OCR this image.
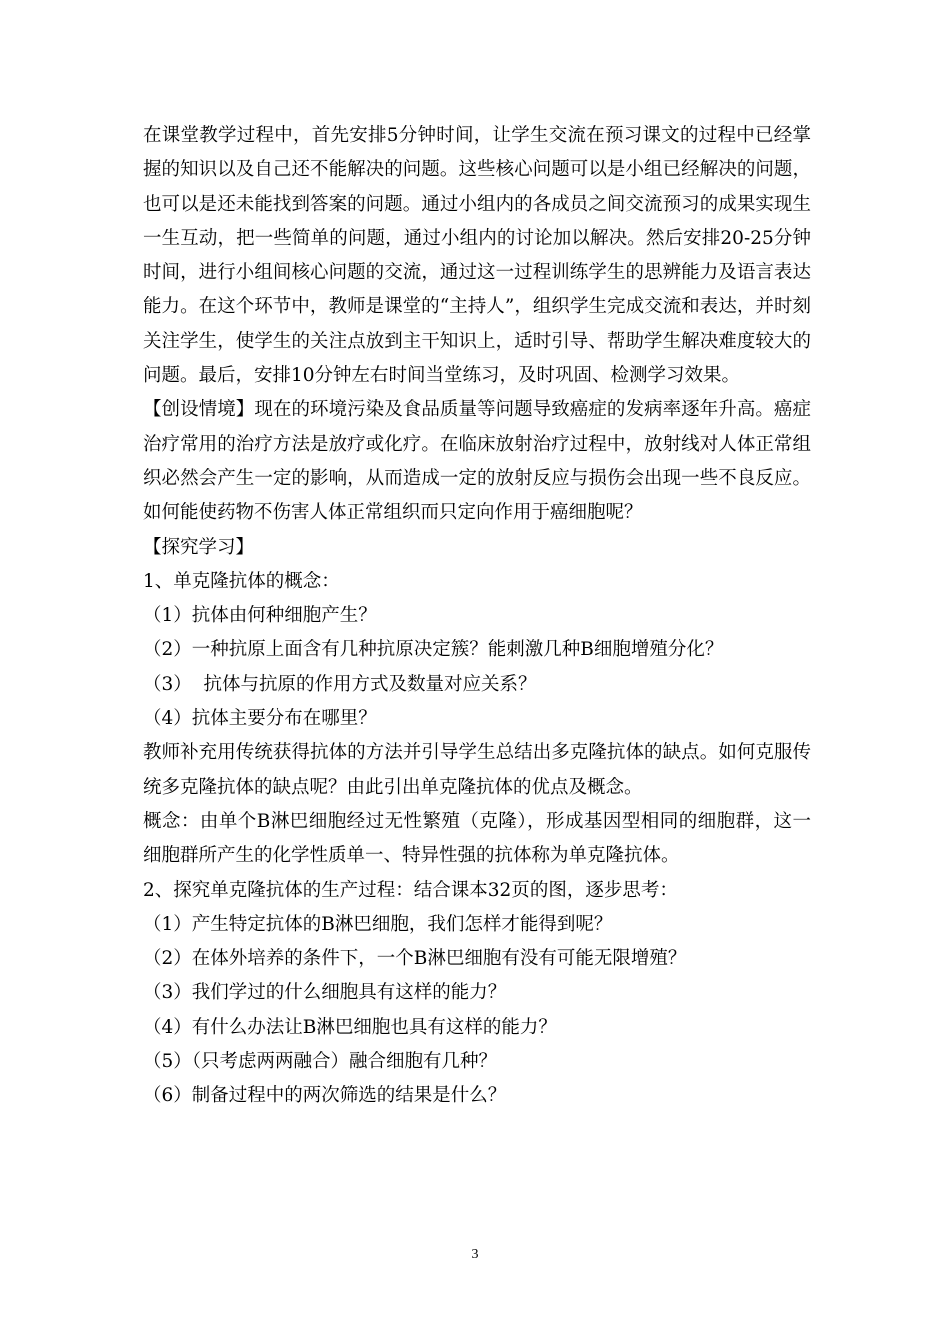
在课堂教学过程中，首先安排5分钟时间，让学生交流在预习课文的过程中已经掌握的知识以及自己还不能解决的问题。这些核心问题可以是小组已经解决的问题，也可以是还未能找到答案的问题。通过小组内的各成员之间交流预习的成果实现生一生互动，把一些简单的问题，通过小组内的讨论加以解决。然后安排20-25分钟时间，进行小组间核心问题的交流，通过这一过程训练学生的思辨能力及语言表达能力。在这个环节中，教师是课堂的“主持人”，组织学生完成交流和表达，并时刻关注学生，使学生的关注点放到主干知识上，适时引导、帮助学生解决难度较大的问题。最后，安排10分钟左右时间当堂练习，及时巩固、检测学习效果。

【创设情境】现在的环境污染及食品质量等问题导致癌症的发病率逐年升高。癌症治疗常用的治疗方法是放疗或化疗。在临床放射治疗过程中，放射线对人体正常组织必然会产生一定的影响，从而造成一定的放射反应与损伤会出现一些不良反应。如何能使药物不伤害人体正常组织而只定向作用于癌细胞呢？

【探究学习】

1、单克隆抗体的概念：

（1）抗体由何种细胞产生？

（2）一种抗原上面含有几种抗原决定簇？能刺激几种B细胞增殖分化？

（3）  抗体与抗原的作用方式及数量对应关系？

（4）抗体主要分布在哪里？

教师补充用传统获得抗体的方法并引导学生总结出多克隆抗体的缺点。如何克服传统多克隆抗体的缺点呢？由此引出单克隆抗体的优点及概念。

概念：由单个B淋巴细胞经过无性繁殖（克隆），形成基因型相同的细胞群，这一细胞群所产生的化学性质单一、特异性强的抗体称为单克隆抗体。

2、探究单克隆抗体的生产过程：结合课本32页的图，逐步思考：

（1）产生特定抗体的B淋巴细胞，我们怎样才能得到呢？

（2）在体外培养的条件下，一个B淋巴细胞有没有可能无限增殖？

（3）我们学过的什么细胞具有这样的能力？

（4）有什么办法让B淋巴细胞也具有这样的能力？

（5）（只考虑两两融合）融合细胞有几种？

（6）制备过程中的两次筛选的结果是什么？

3
